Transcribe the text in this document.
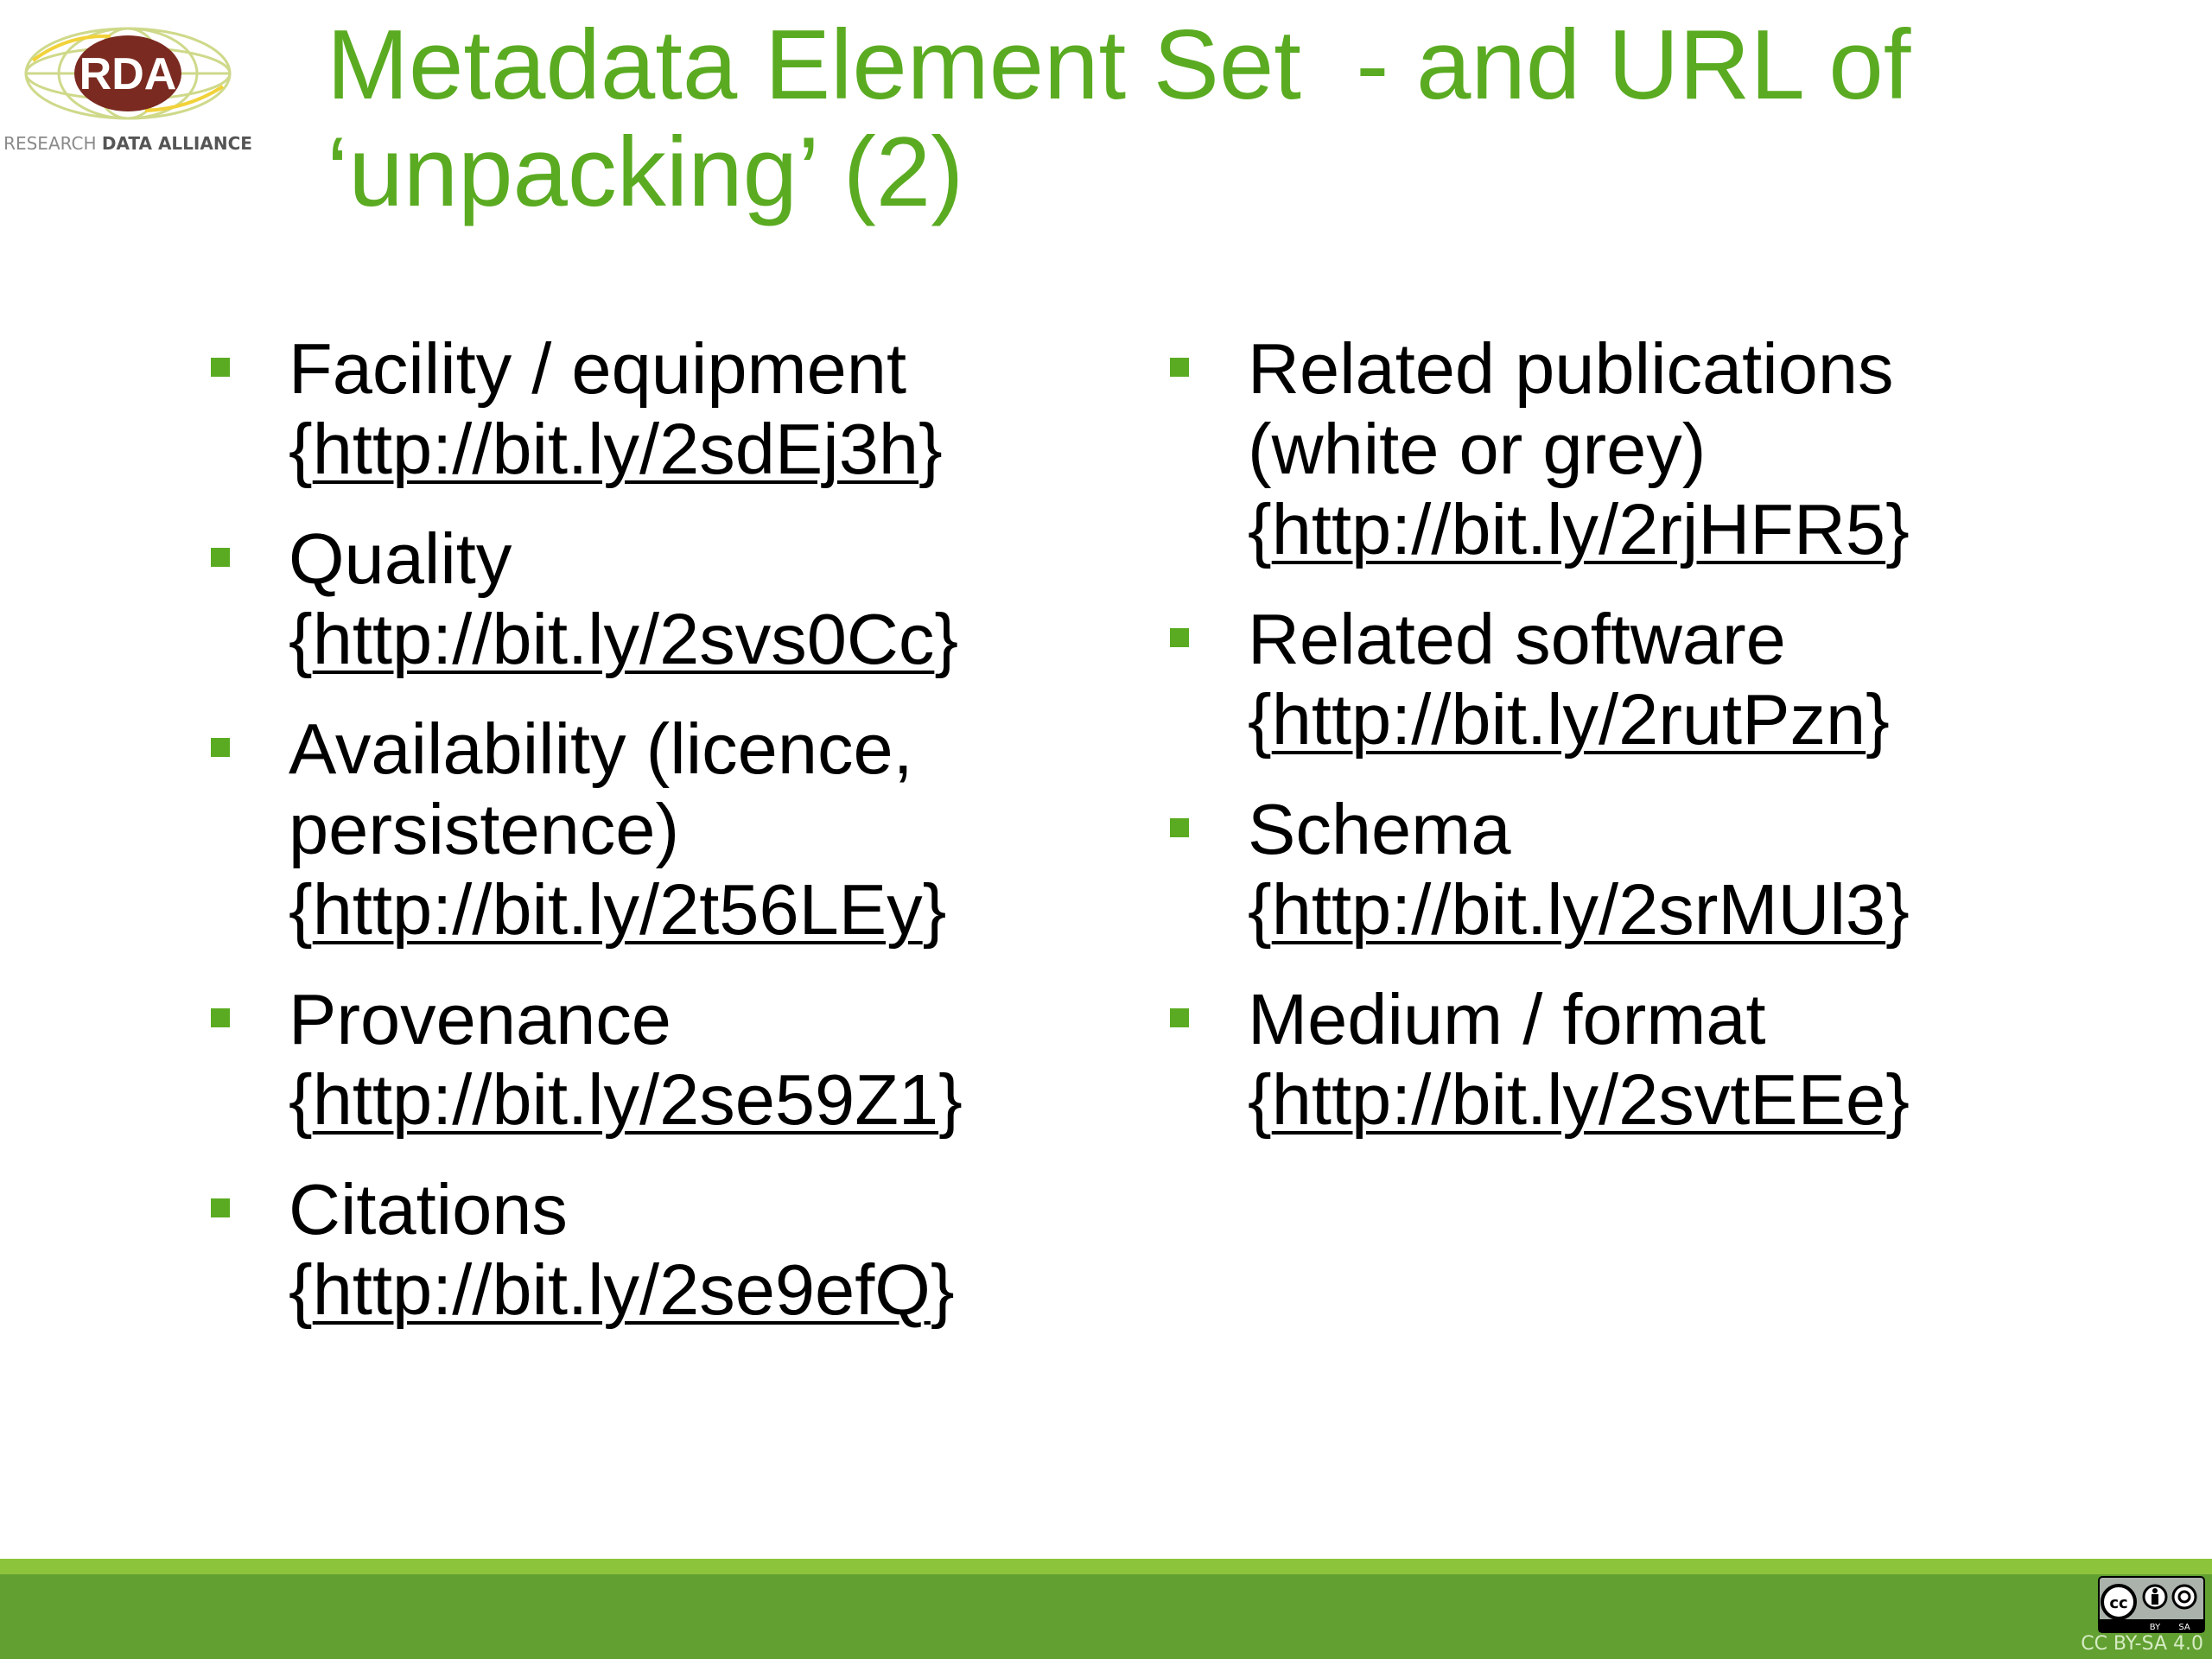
RDA
RESEARCH DATA ALLIANCE
Metadata Element Set  - and URL of
‘unpacking’ (2)
Facility / equipment
{http://bit.ly/2sdEj3h}
Quality
{http://bit.ly/2svs0Cc}
Availability (licence, persistence)
{http://bit.ly/2t56LEy}
Provenance
{http://bit.ly/2se59Z1}
Citations
{http://bit.ly/2se9efQ}
Related publications (white or grey)
{http://bit.ly/2rjHFR5}
Related software
{http://bit.ly/2rutPzn}
Schema
{http://bit.ly/2srMUl3}
Medium / format
{http://bit.ly/2svtEEe}
cc
BY SA
CC BY-SA 4.0
